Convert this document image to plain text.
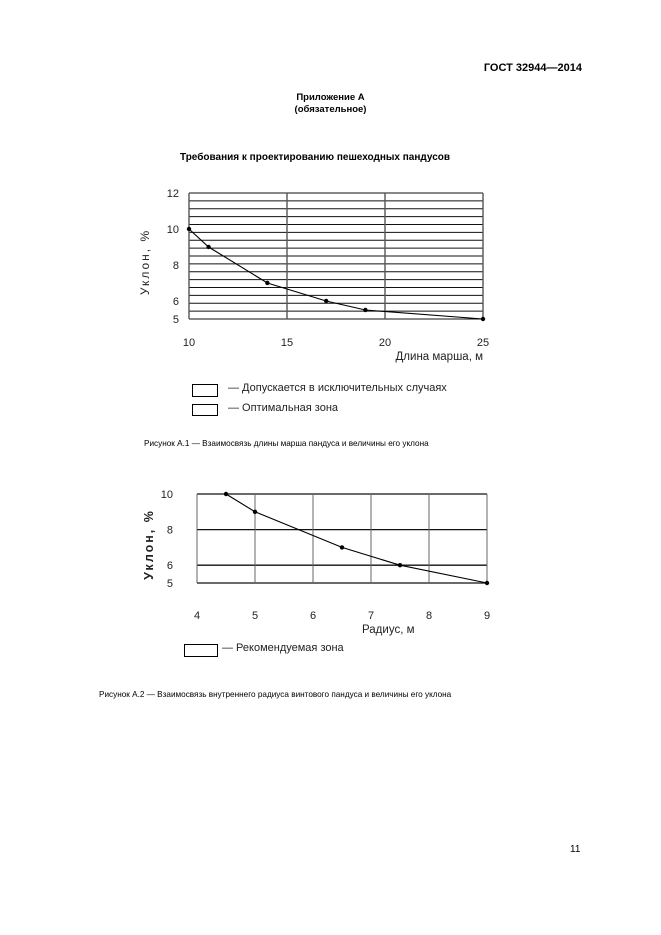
ГОСТ 32944—2014
Приложение А
(обязательное)
Требования к проектированию пешеходных пандусов
10	15	20	25
12
10
8
6
5
Длина марша, м
Уклон, %
4	5	6	7	8	9
10
8
6
5
Радиус, м
Уклон, %
— Допускается в исключительных случаях
— Оптимальная зона
Рисунок А.1 — Взаимосвязь длины марша пандуса и величины его уклона
— Рекомендуемая зона
Рисунок А.2 — Взаимосвязь внутреннего радиуса винтового пандуса и величины его уклона
11
